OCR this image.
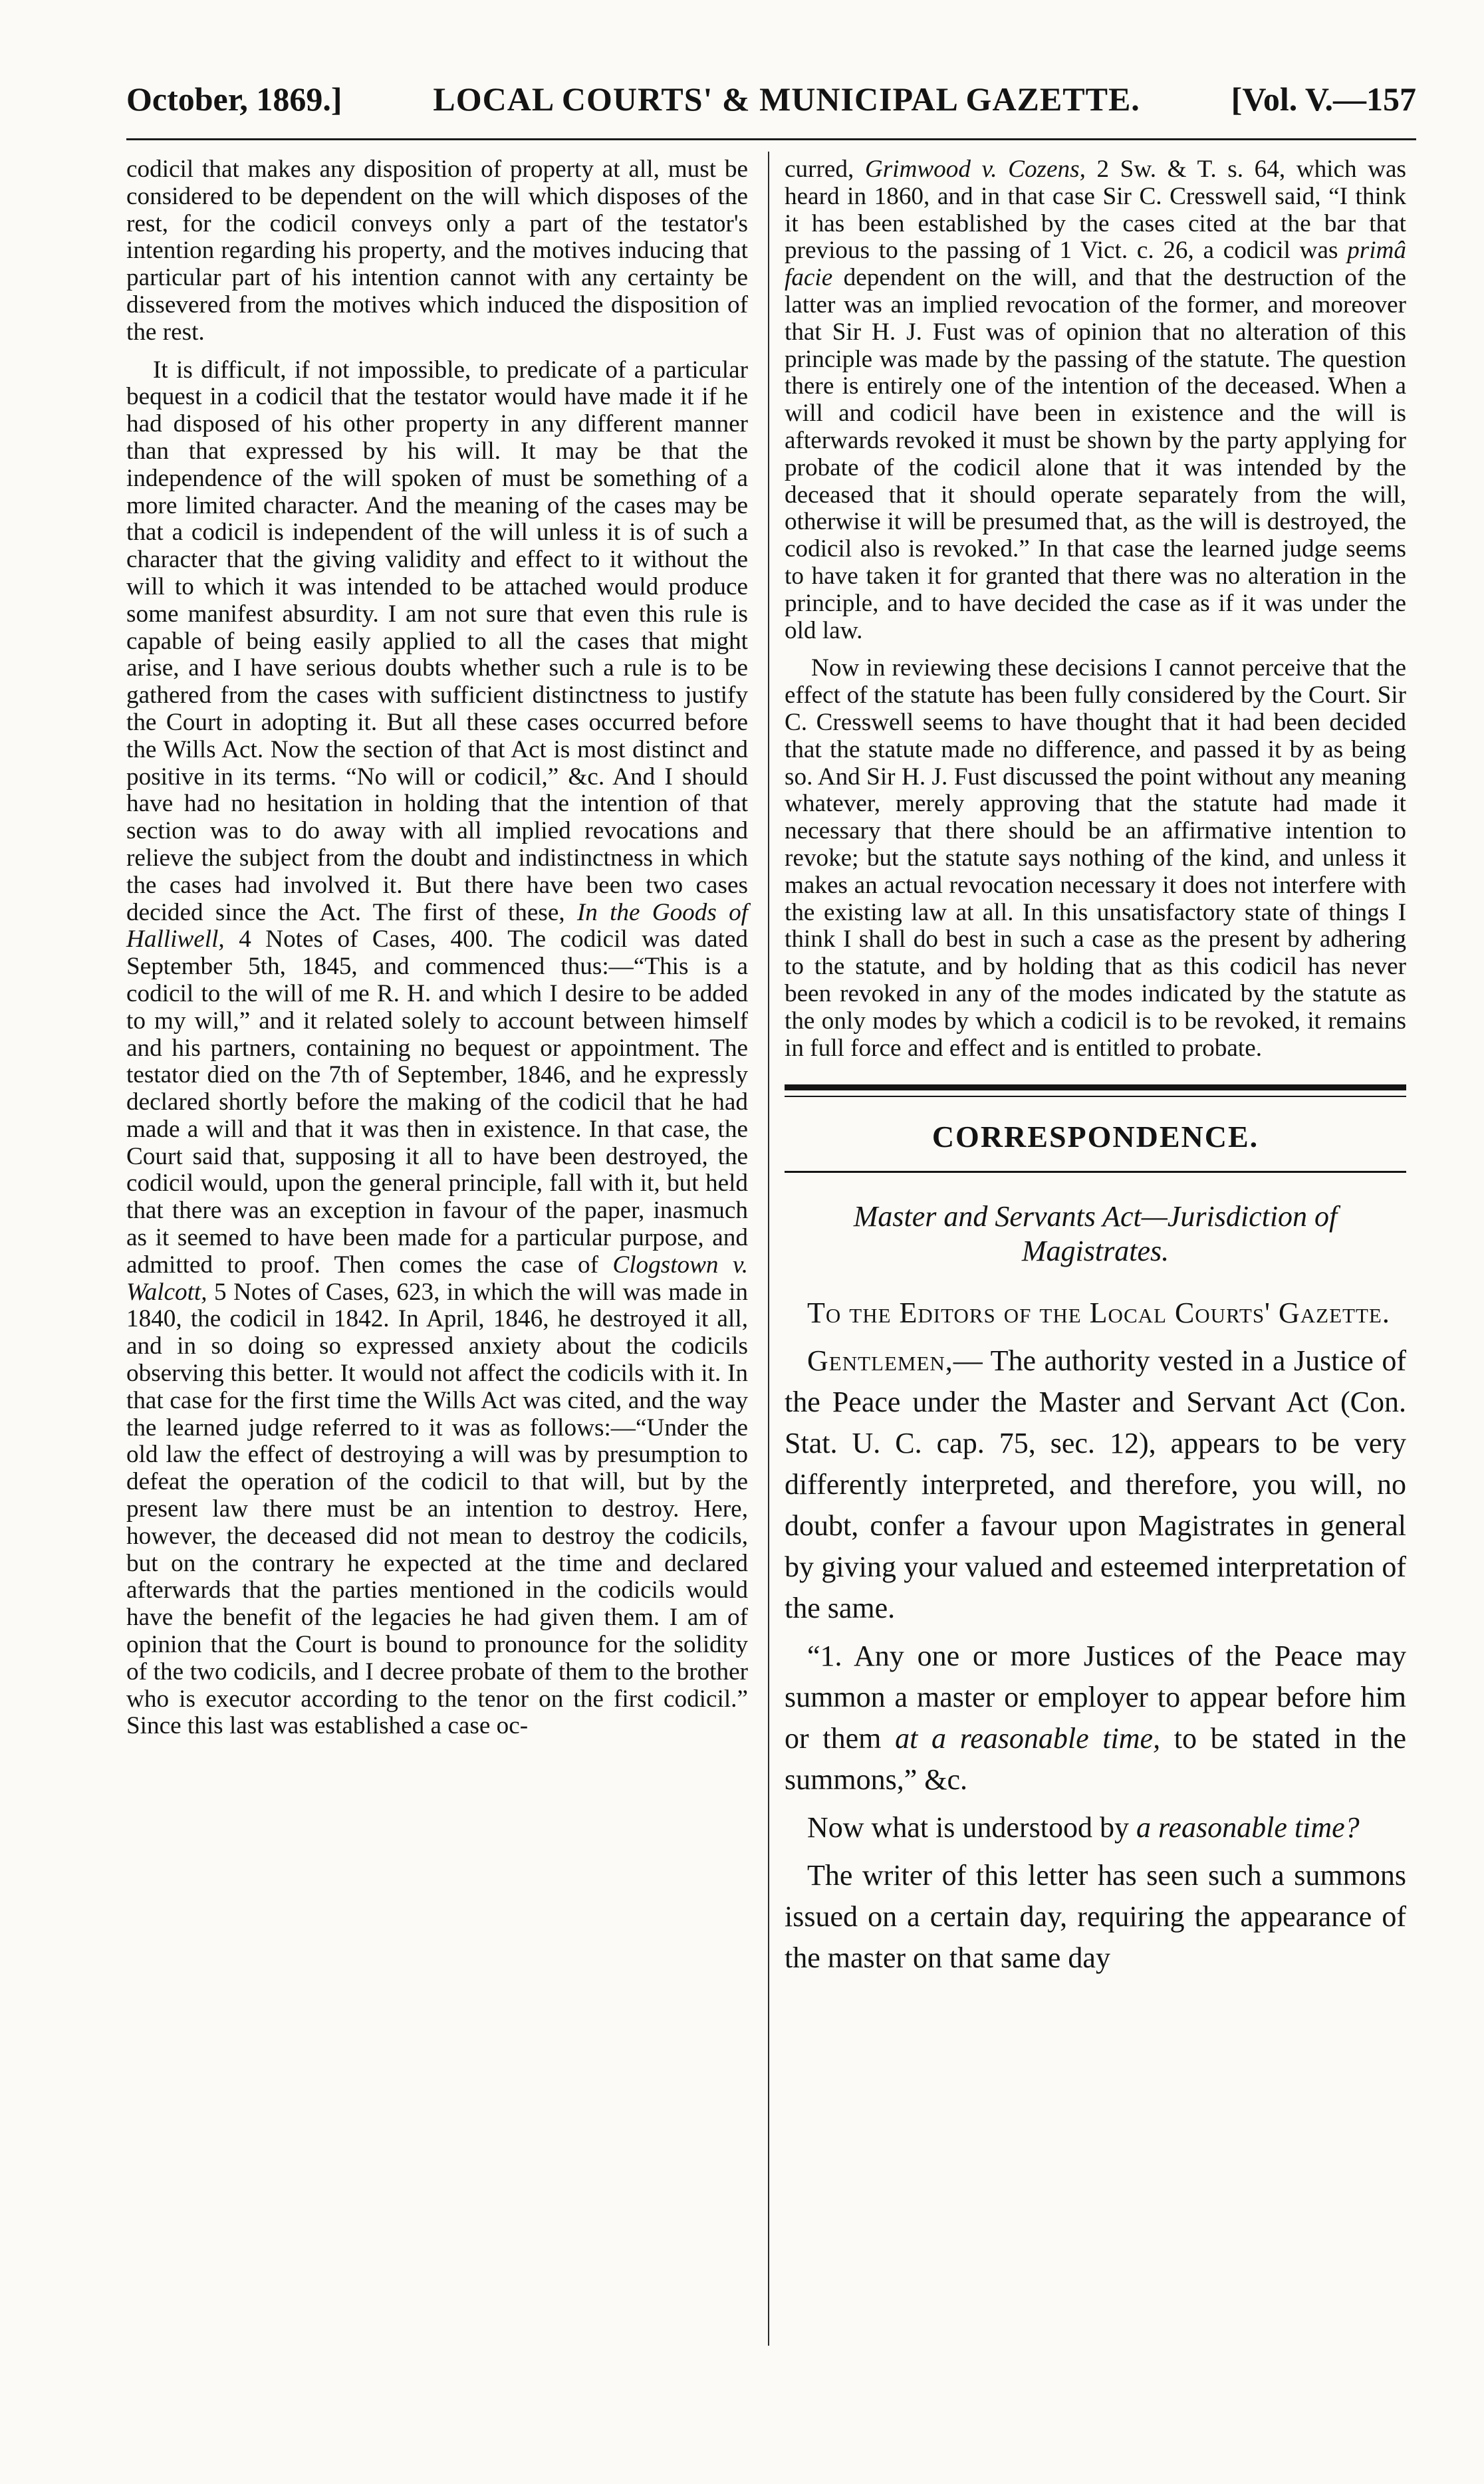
October, 1869.]	LOCAL COURTS' & MUNICIPAL GAZETTE.	[Vol. V.—157

codicil that makes any disposition of property at all, must be considered to be dependent on the will which disposes of the rest, for the codicil conveys only a part of the testator's intention regarding his property, and the motives inducing that particular part of his intention cannot with any certainty be dissevered from the motives which induced the disposition of the rest.

It is difficult, if not impossible, to predicate of a particular bequest in a codicil that the testator would have made it if he had disposed of his other property in any different manner than that expressed by his will. It may be that the independence of the will spoken of must be something of a more limited character. And the meaning of the cases may be that a codicil is independent of the will unless it is of such a character that the giving validity and effect to it without the will to which it was intended to be attached would produce some manifest absurdity. I am not sure that even this rule is capable of being easily applied to all the cases that might arise, and I have serious doubts whether such a rule is to be gathered from the cases with sufficient distinctness to justify the Court in adopting it. But all these cases occurred before the Wills Act. Now the section of that Act is most distinct and positive in its terms. “No will or codicil,” &c. And I should have had no hesitation in holding that the intention of that section was to do away with all implied revocations and relieve the subject from the doubt and indistinctness in which the cases had involved it. But there have been two cases decided since the Act. The first of these, In the Goods of Halliwell, 4 Notes of Cases, 400. The codicil was dated September 5th, 1845, and commenced thus:—“This is a codicil to the will of me R. H. and which I desire to be added to my will,” and it related solely to account between himself and his partners, containing no bequest or appointment. The testator died on the 7th of September, 1846, and he expressly declared shortly before the making of the codicil that he had made a will and that it was then in existence. In that case, the Court said that, supposing it all to have been destroyed, the codicil would, upon the general principle, fall with it, but held that there was an exception in favour of the paper, inasmuch as it seemed to have been made for a particular purpose, and admitted to proof. Then comes the case of Clogstown v. Walcott, 5 Notes of Cases, 623, in which the will was made in 1840, the codicil in 1842. In April, 1846, he destroyed it all, and in so doing so expressed anxiety about the codicils observing this better. It would not affect the codicils with it. In that case for the first time the Wills Act was cited, and the way the learned judge referred to it was as follows:—“Under the old law the effect of destroying a will was by presumption to defeat the operation of the codicil to that will, but by the present law there must be an intention to destroy. Here, however, the deceased did not mean to destroy the codicils, but on the contrary he expected at the time and declared afterwards that the parties mentioned in the codicils would have the benefit of the legacies he had given them. I am of opinion that the Court is bound to pronounce for the solidity of the two codicils, and I decree probate of them to the brother who is executor according to the tenor on the first codicil.” Since this last was established a case oc-

curred, Grimwood v. Cozens, 2 Sw. & T. s. 64, which was heard in 1860, and in that case Sir C. Cresswell said, “I think it has been established by the cases cited at the bar that previous to the passing of 1 Vict. c. 26, a codicil was primâ facie dependent on the will, and that the destruction of the latter was an implied revocation of the former, and moreover that Sir H. J. Fust was of opinion that no alteration of this principle was made by the passing of the statute. The question there is entirely one of the intention of the deceased. When a will and codicil have been in existence and the will is afterwards revoked it must be shown by the party applying for probate of the codicil alone that it was intended by the deceased that it should operate separately from the will, otherwise it will be presumed that, as the will is destroyed, the codicil also is revoked.” In that case the learned judge seems to have taken it for granted that there was no alteration in the principle, and to have decided the case as if it was under the old law.

Now in reviewing these decisions I cannot perceive that the effect of the statute has been fully considered by the Court. Sir C. Cresswell seems to have thought that it had been decided that the statute made no difference, and passed it by as being so. And Sir H. J. Fust discussed the point without any meaning whatever, merely approving that the statute had made it necessary that there should be an affirmative intention to revoke; but the statute says nothing of the kind, and unless it makes an actual revocation necessary it does not interfere with the existing law at all. In this unsatisfactory state of things I think I shall do best in such a case as the present by adhering to the statute, and by holding that as this codicil has never been revoked in any of the modes indicated by the statute as the only modes by which a codicil is to be revoked, it remains in full force and effect and is entitled to probate.

CORRESPONDENCE.
Master and Servants Act—Jurisdiction of Magistrates.

To the Editors of the Local Courts' Gazette.

Gentlemen,— The authority vested in a Justice of the Peace under the Master and Servant Act (Con. Stat. U. C. cap. 75, sec. 12), appears to be very differently interpreted, and therefore, you will, no doubt, confer a favour upon Magistrates in general by giving your valued and esteemed interpretation of the same.

“1. Any one or more Justices of the Peace may summon a master or employer to appear before him or them at a reasonable time, to be stated in the summons,” &c.

Now what is understood by a reasonable time?

The writer of this letter has seen such a summons issued on a certain day, requiring the appearance of the master on that same day
